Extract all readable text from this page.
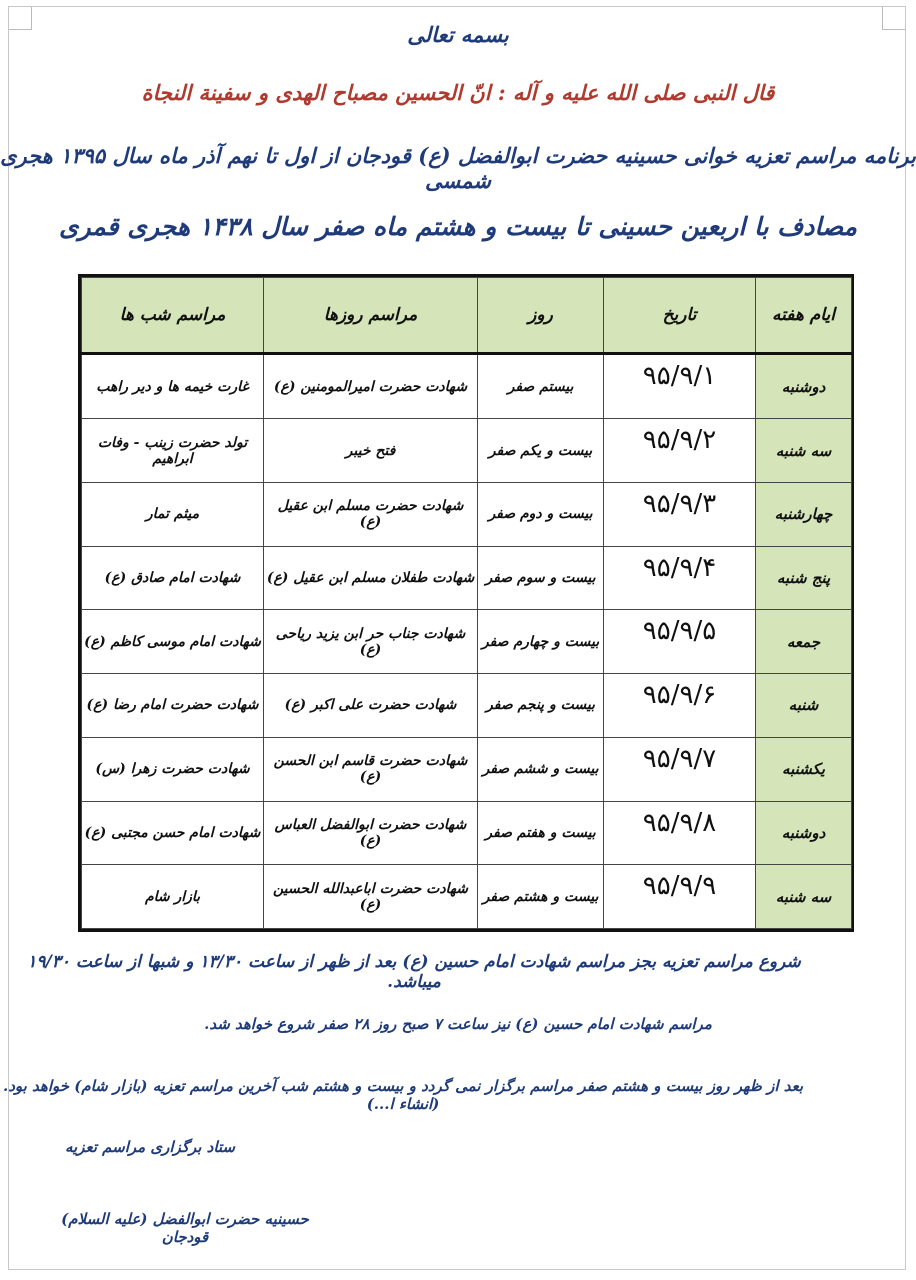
بسمه تعالی
قال النبی صلی الله علیه و آله : انّ الحسین مصباح الهدی و سفینة النجاة
برنامه مراسم تعزیه خوانی حسینیه حضرت ابوالفضل (ع) قودجان از اول تا نهم آذر ماه سال ۱۳۹۵ هجری شمسی
مصادف با اربعین حسینی تا بیست و هشتم ماه صفر سال ۱۴۳۸ هجری قمری
ایام هفته	تاریخ	روز	مراسم روزها	مراسم شب ها
دوشنبه	۹۵/۹/۱	بیستم صفر	شهادت حضرت امیرالمومنین (ع)	غارت خیمه ها و دیر راهب
سه شنبه	۹۵/۹/۲	بیست و یکم صفر	فتح خیبر	تولد حضرت زینب - وفات ابراهیم
چهارشنبه	۹۵/۹/۳	بیست و دوم صفر	شهادت حضرت مسلم ابن عقیل (ع)	میثم تمار
پنج شنبه	۹۵/۹/۴	بیست و سوم صفر	شهادت طفلان مسلم ابن عقیل (ع)	شهادت امام صادق (ع)
جمعه	۹۵/۹/۵	بیست و چهارم صفر	شهادت جناب حر ابن یزید ریاحی (ع)	شهادت امام موسی کاظم (ع)
شنبه	۹۵/۹/۶	بیست و پنجم صفر	شهادت حضرت علی اکبر (ع)	شهادت حضرت امام رضا (ع)
یکشنبه	۹۵/۹/۷	بیست و ششم صفر	شهادت حضرت قاسم ابن الحسن (ع)	شهادت حضرت زهرا (س)
دوشنبه	۹۵/۹/۸	بیست و هفتم صفر	شهادت حضرت ابوالفضل العباس (ع)	شهادت امام حسن مجتبی (ع)
سه شنبه	۹۵/۹/۹	بیست و هشتم صفر	شهادت حضرت اباعبدالله الحسین (ع)	بازار شام
شروع مراسم تعزیه بجز مراسم شهادت امام حسین (ع) بعد از ظهر از ساعت ۱۳/۳۰ و شبها از ساعت ۱۹/۳۰ میباشد.
مراسم شهادت امام حسین (ع) نیز ساعت ۷ صبح روز ۲۸ صفر شروع خواهد شد.
بعد از ظهر روز بیست و هشتم صفر مراسم برگزار نمی گردد و بیست و هشتم شب آخرین مراسم تعزیه (بازار شام) خواهد بود. (انشاء ا...)
ستاد برگزاری مراسم تعزیه
حسینیه حضرت ابوالفضل (علیه السلام) قودجان
